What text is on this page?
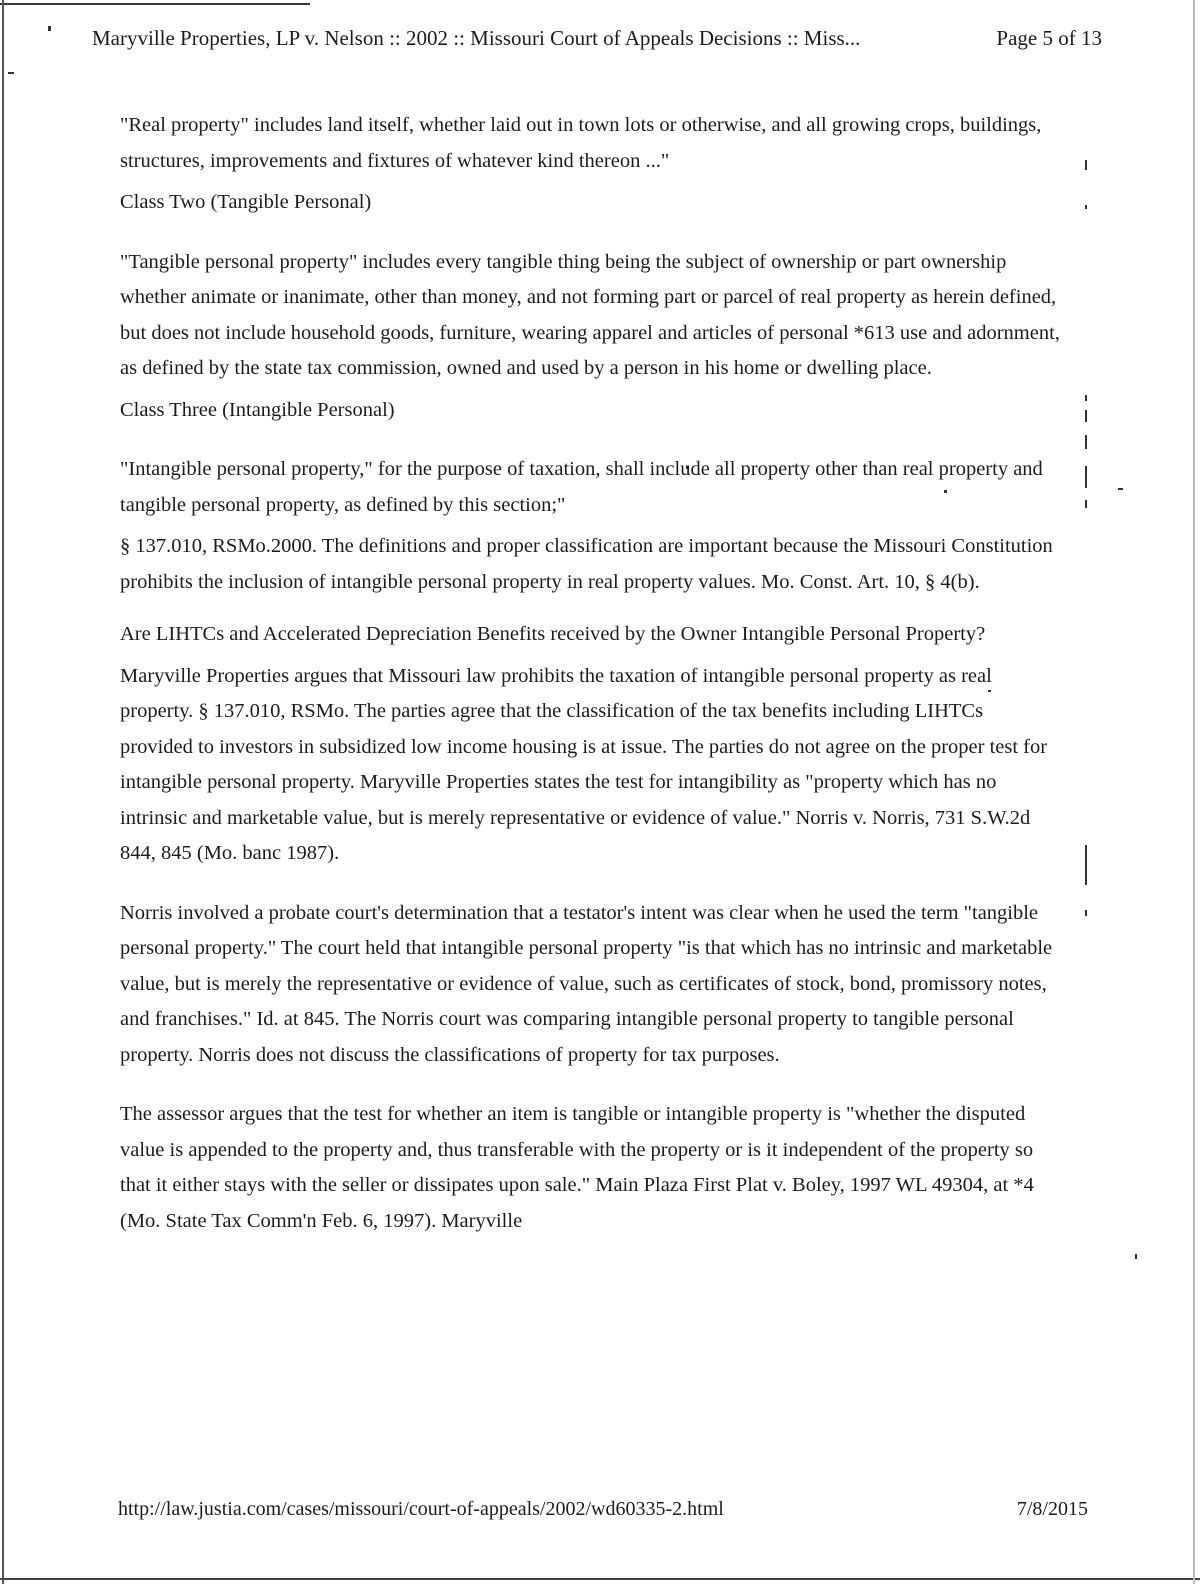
Maryville Properties, LP v. Nelson :: 2002 :: Missouri Court of Appeals Decisions :: Miss...	Page 5 of 13

"Real property" includes land itself, whether laid out in town lots or otherwise, and all growing crops, buildings, structures, improvements and fixtures of whatever kind thereon ..."

Class Two (Tangible Personal)

"Tangible personal property" includes every tangible thing being the subject of ownership or part ownership whether animate or inanimate, other than money, and not forming part or parcel of real property as herein defined, but does not include household goods, furniture, wearing apparel and articles of personal *613 use and adornment, as defined by the state tax commission, owned and used by a person in his home or dwelling place.

Class Three (Intangible Personal)

"Intangible personal property," for the purpose of taxation, shall include all property other than real property and tangible personal property, as defined by this section;"

§ 137.010, RSMo.2000. The definitions and proper classification are important because the Missouri Constitution prohibits the inclusion of intangible personal property in real property values. Mo. Const. Art. 10, § 4(b).

Are LIHTCs and Accelerated Depreciation Benefits received by the Owner Intangible Personal Property?

Maryville Properties argues that Missouri law prohibits the taxation of intangible personal property as real property. § 137.010, RSMo. The parties agree that the classification of the tax benefits including LIHTCs provided to investors in subsidized low income housing is at issue. The parties do not agree on the proper test for intangible personal property. Maryville Properties states the test for intangibility as "property which has no intrinsic and marketable value, but is merely representative or evidence of value." Norris v. Norris, 731 S.W.2d 844, 845 (Mo. banc 1987).

Norris involved a probate court's determination that a testator's intent was clear when he used the term "tangible personal property." The court held that intangible personal property "is that which has no intrinsic and marketable value, but is merely the representative or evidence of value, such as certificates of stock, bond, promissory notes, and franchises." Id. at 845. The Norris court was comparing intangible personal property to tangible personal property. Norris does not discuss the classifications of property for tax purposes.

The assessor argues that the test for whether an item is tangible or intangible property is "whether the disputed value is appended to the property and, thus transferable with the property or is it independent of the property so that it either stays with the seller or dissipates upon sale." Main Plaza First Plat v. Boley, 1997 WL 49304, at *4 (Mo. State Tax Comm'n Feb. 6, 1997). Maryville

http://law.justia.com/cases/missouri/court-of-appeals/2002/wd60335-2.html	7/8/2015
